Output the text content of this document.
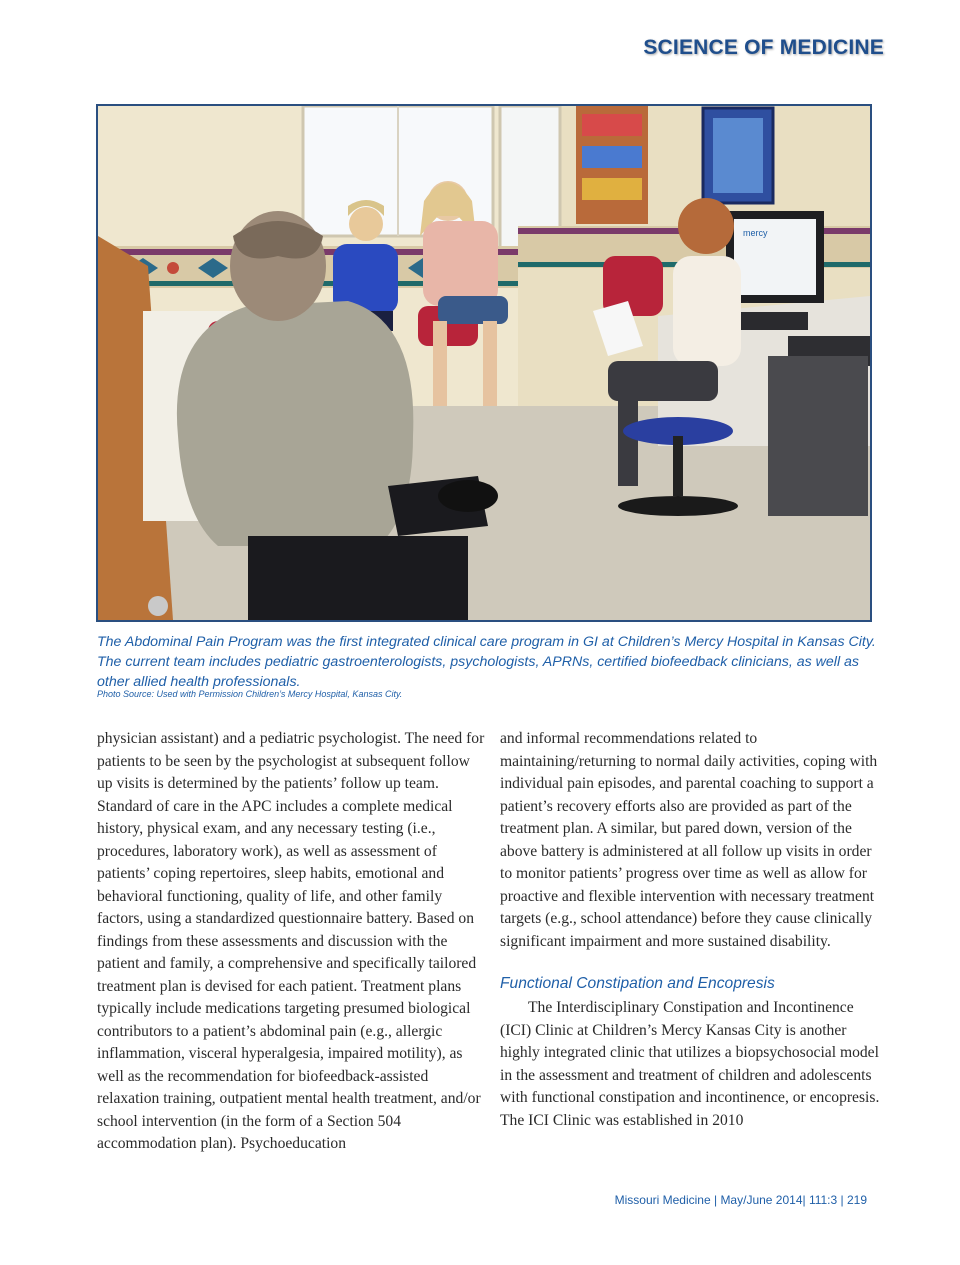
SCIENCE OF MEDICINE
mercy
The Abdominal Pain Program was the first integrated clinical care program in GI at Children’s Mercy Hospital in Kansas City. The current team includes pediatric gastroenterologists, psychologists, APRNs, certified biofeedback clinicians, as well as other allied health professionals.
Photo Source: Used with Permission Children’s Mercy Hospital, Kansas City.

physician assistant) and a pediatric psychologist. The need for patients to be seen by the psychologist at subsequent follow up visits is determined by the patients’ follow up team. Standard of care in the APC includes a complete medical history, physical exam, and any necessary testing (i.e., procedures, laboratory work), as well as assessment of patients’ coping repertoires, sleep habits, emotional and behavioral functioning, quality of life, and other family factors, using a standardized questionnaire battery. Based on findings from these assessments and discussion with the patient and family, a comprehensive and specifically tailored treatment plan is devised for each patient. Treatment plans typically include medications targeting presumed biological contributors to a patient’s abdominal pain (e.g., allergic inflammation, visceral hyperalgesia, impaired motility), as well as the recommendation for biofeedback-assisted relaxation training, outpatient mental health treatment, and/or school intervention (in the form of a Section 504 accommodation plan). Psychoeducation

and informal recommendations related to maintaining/returning to normal daily activities, coping with individual pain episodes, and parental coaching to support a patient’s recovery efforts also are provided as part of the treatment plan. A similar, but pared down, version of the above battery is administered at all follow up visits in order to monitor patients’ progress over time as well as allow for proactive and flexible intervention with necessary treatment targets (e.g., school attendance) before they cause clinically significant impairment and more sustained disability.

Functional Constipation and Encopresis

The Interdisciplinary Constipation and Incontinence (ICI) Clinic at Children’s Mercy Kansas City is another highly integrated clinic that utilizes a biopsychosocial model in the assessment and treatment of children and adolescents with functional constipation and incontinence, or encopresis. The ICI Clinic was established in 2010

Missouri Medicine | May/June 2014| 111:3 | 219
